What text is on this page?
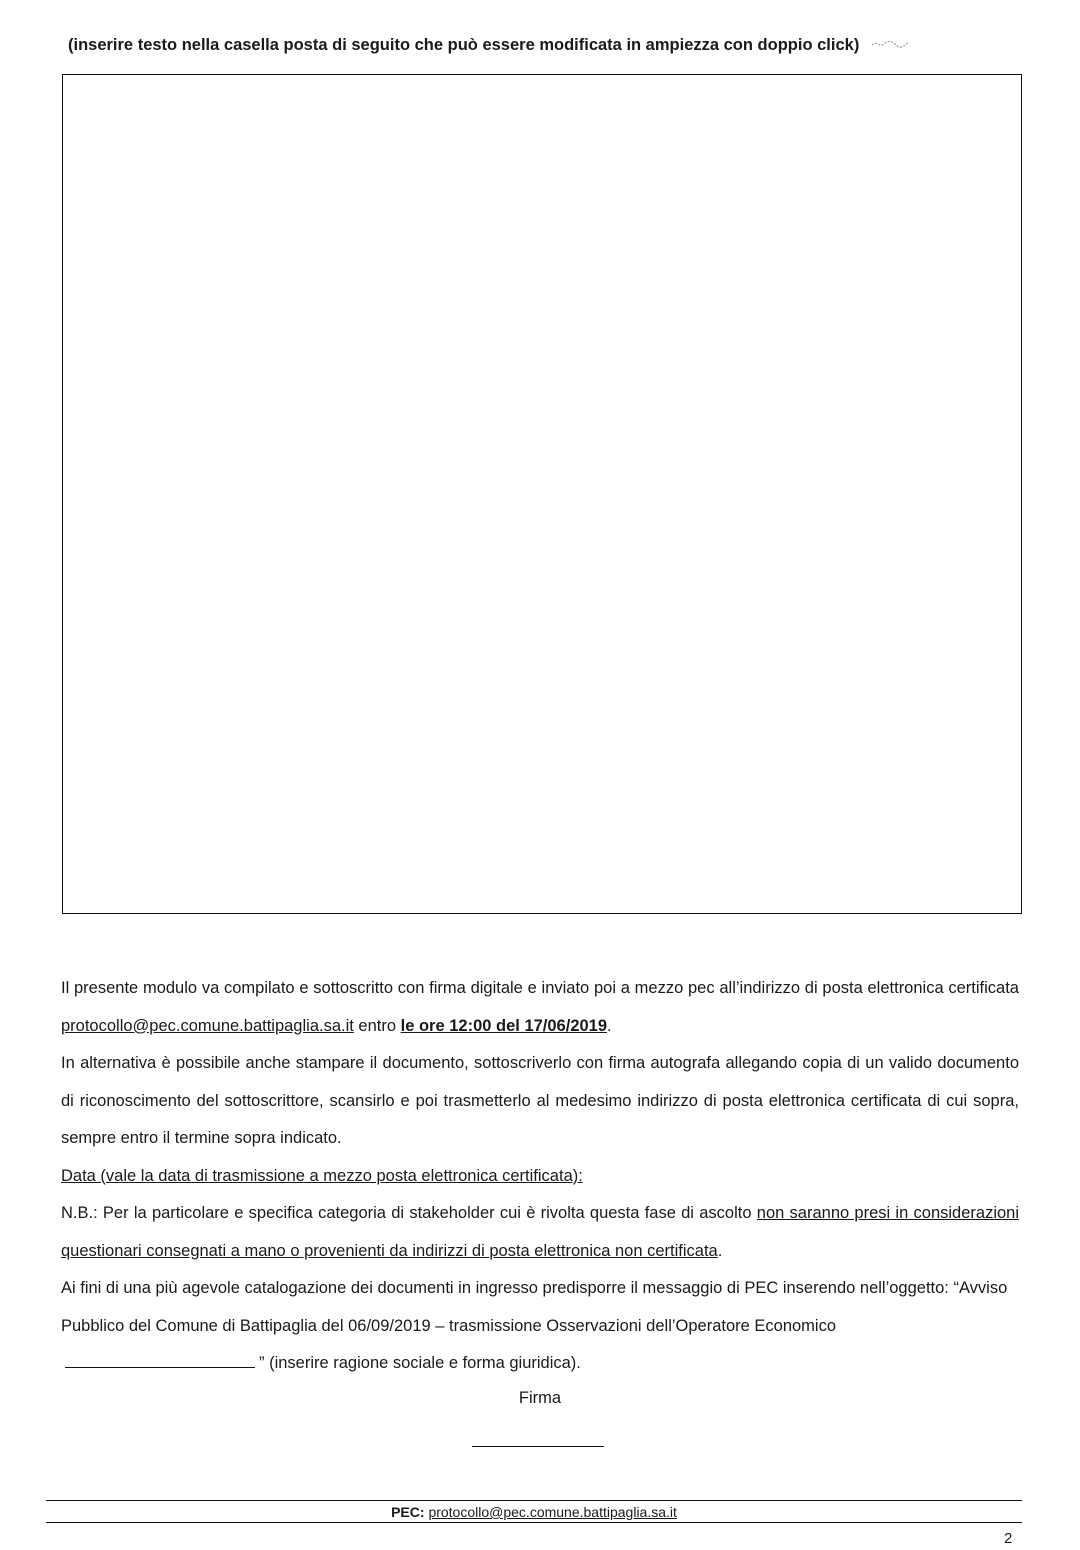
(inserire testo nella casella posta di seguito che può essere modificata in ampiezza con doppio click)

Il presente modulo va compilato e sottoscritto con firma digitale e inviato poi a mezzo pec all’indirizzo di posta elettronica certificata protocollo@pec.comune.battipaglia.sa.it entro le ore 12:00 del 17/06/2019.

In alternativa è possibile anche stampare il documento, sottoscriverlo con firma autografa allegando copia di un valido documento di riconoscimento del sottoscrittore, scansirlo e poi trasmetterlo al medesimo indirizzo di posta elettronica certificata di cui sopra, sempre entro il termine sopra indicato.

Data (vale la data di trasmissione a mezzo posta elettronica certificata):

N.B.: Per la particolare e specifica categoria di stakeholder cui è rivolta questa fase di ascolto non saranno presi in considerazioni questionari consegnati a mano o provenienti da indirizzi di posta elettronica non certificata.

Ai fini di una più agevole catalogazione dei documenti in ingresso predisporre il messaggio di PEC inserendo nell’oggetto: “Avviso Pubblico del Comune di Battipaglia del 06/09/2019 – trasmissione Osservazioni dell’Operatore Economico ” (inserire ragione sociale e forma giuridica).

Firma
PEC: protocollo@pec.comune.battipaglia.sa.it
2
